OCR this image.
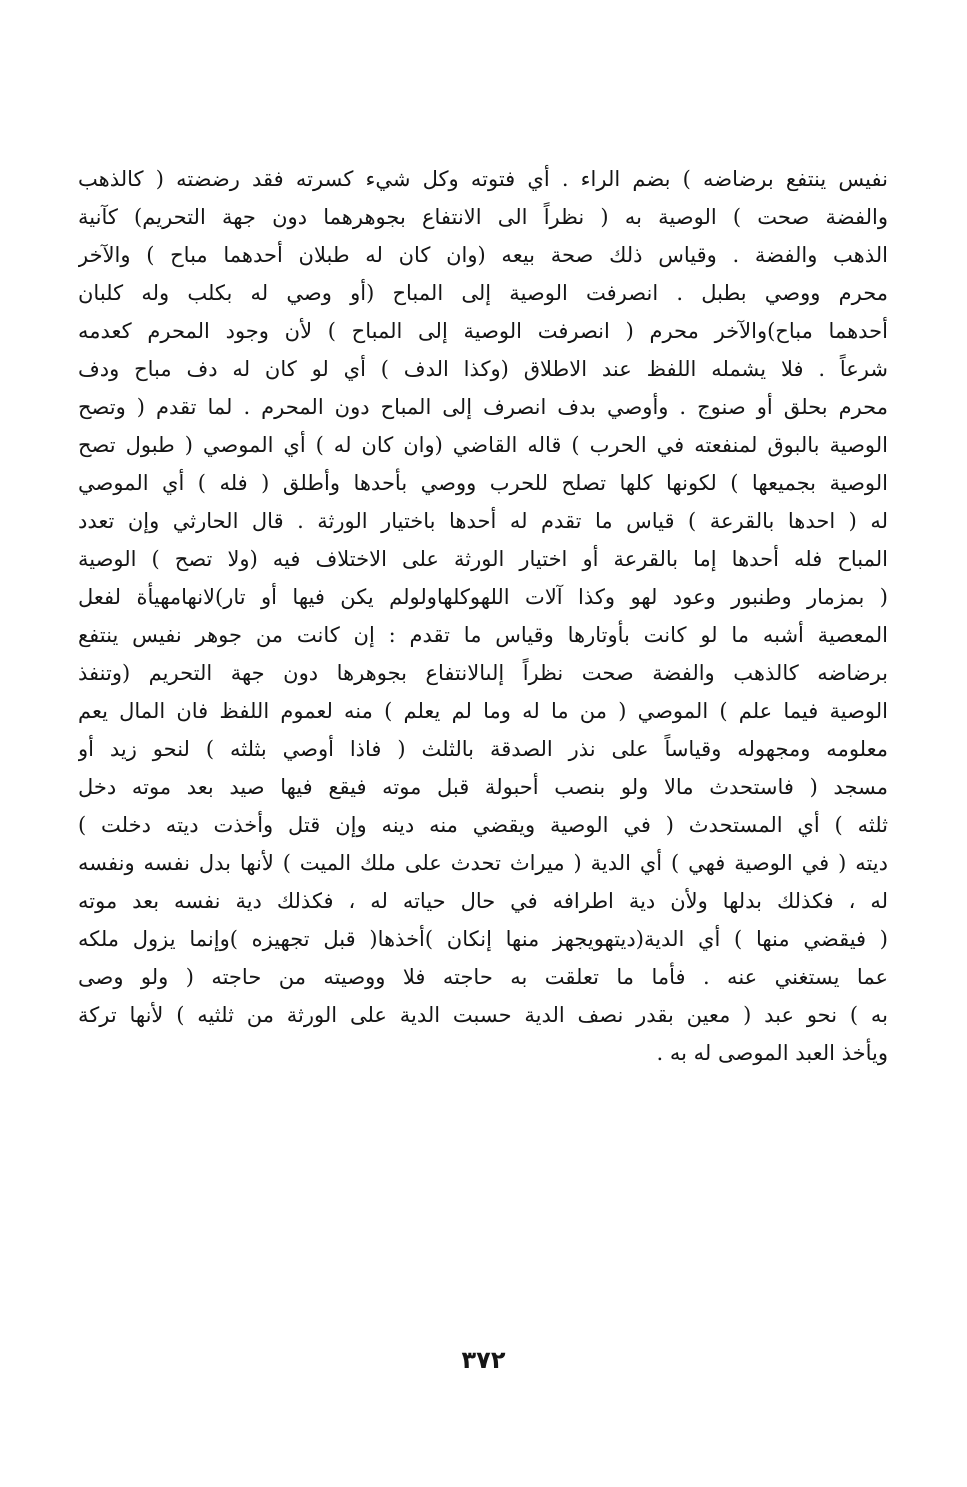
نفيس ينتفع برضاضه ) بضم الراء . أي فتوته وكل شيء كسرته فقد رضضته ( كالذهب
والفضة صحت ) الوصية به ( نظراً الى الانتفاع بجوهرهما دون جهة التحريم) كآنية
الذهب والفضة . وقياس ذلك صحة بيعه (وان كان له طبلان أحدهما مباح ) والآخر
محرم ووصي بطبل . انصرفت الوصية إلى المباح (أو وصي له بكلب وله كلبان
أحدهما مباح)والآخر محرم ( انصرفت الوصية إلى المباح ) لأن وجود المحرم كعدمه
شرعاً . فلا يشمله اللفظ عند الاطلاق (وكذا الدف ) أي لو كان له دف مباح ودف
محرم بحلق أو صنوج . وأوصي بدف انصرف إلى المباح دون المحرم . لما تقدم ( وتصح
الوصية بالبوق لمنفعته في الحرب ) قاله القاضي (وان كان له ) أي الموصي ( طبول تصح
الوصية بجميعها ) لكونها كلها تصلح للحرب ووصي بأحدها وأطلق ( فله ) أي الموصي
له ( احدها بالقرعة ) قياس ما تقدم له أحدها باختيار الورثة . قال الحارثي وإن تعدد
المباح فله أحدها إما بالقرعة أو اختيار الورثة على الاختلاف فيه (ولا تصح ) الوصية
( بمزمار وطنبور وعود لهو وكذا آلات اللهوكلهاولولم يكن فيها أو تار)لانهامهيأة لفعل
المعصية أشبه ما لو كانت بأوتارها وقياس ما تقدم : إن كانت من جوهر نفيس ينتفع
برضاضه كالذهب والفضة صحت نظراً إلىالانتفاع بجوهرها دون جهة التحريم (وتنفذ
الوصية فيما علم ) الموصي ( من ما له وما لم يعلم ) منه لعموم اللفظ فان المال يعم
معلومه ومجهوله وقياساً على نذر الصدقة بالثلث ( فاذا أوصي بثلثه ) لنحو زيد أو
مسجد ( فاستحدث مالا ولو بنصب أحبولة قبل موته فيقع فيها صيد بعد موته دخل
ثلثه ) أي المستحدث ( في الوصية ويقضي منه دينه وإن قتل وأخذت ديته دخلت )
ديته ( في الوصية فهي ) أي الدية ( ميراث تحدث على ملك الميت ) لأنها بدل نفسه ونفسه
له ، فكذلك بدلها ولأن دية اطرافه في حال حياته له ، فكذلك دية نفسه بعد موته
( فيقضي منها ) أي الدية(ديتهويجهز منها إنكان )أخذها( قبل تجهيزه )وإنما يزول ملكه
عما يستغني عنه . فأما ما تعلقت به حاجته فلا ووصيته من حاجته ( ولو وصى
به ) نحو عبد ( معين بقدر نصف الدية حسبت الدية على الورثة من ثلثيه ) لأنها تركة
ويأخذ العبد الموصى له به .
٣٧٢
